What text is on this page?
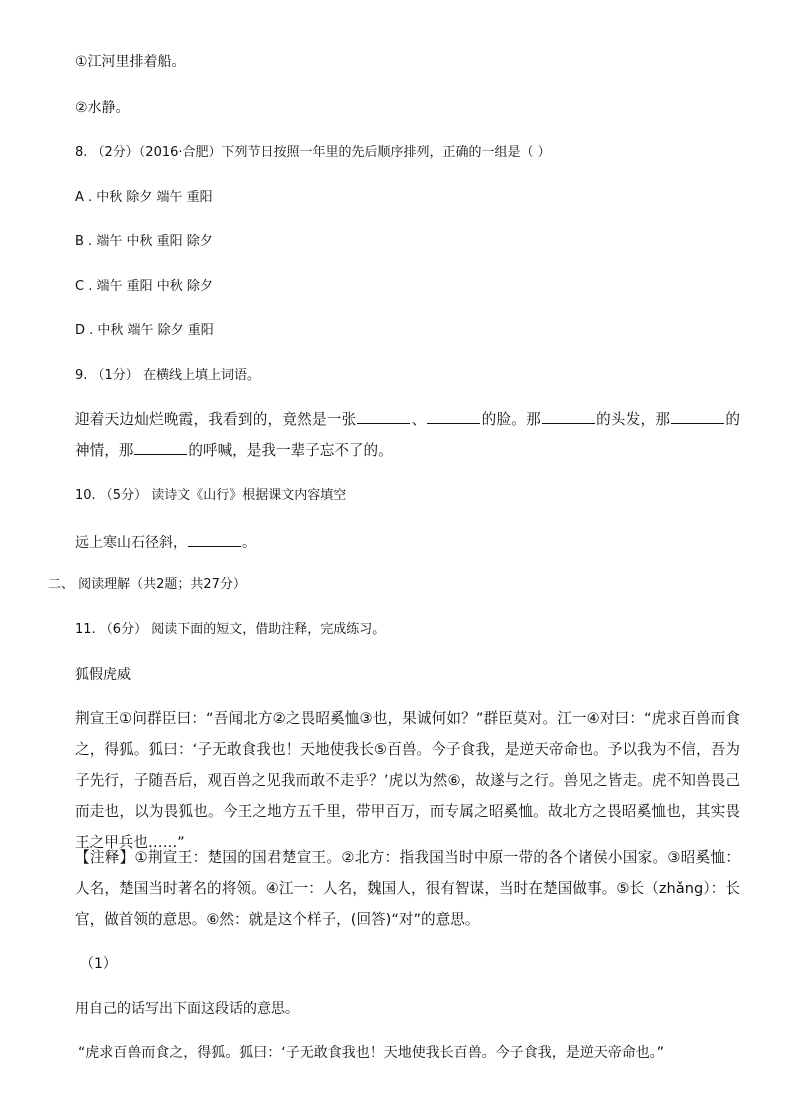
①江河里排着船。
②水静。
8. （2分）（2016·合肥）下列节日按照一年里的先后顺序排列，正确的一组是（ ）
A . 中秋 除夕 端午 重阳
B . 端午 中秋 重阳 除夕
C . 端午 重阳 中秋 除夕
D . 中秋 端午 除夕 重阳
9. （1分） 在横线上填上词语。
迎着天边灿烂晚霞，我看到的，竟然是一张	、	的脸。那	的头发，那	的神情，那	的呼喊，是我一辈子忘不了的。
10. （5分） 读诗文《山行》根据课文内容填空
远上寒山石径斜，	。
二、 阅读理解（共2题；共27分）
11. （6分） 阅读下面的短文，借助注释，完成练习。
狐假虎威
荆宣王①问群臣曰：“吾闻北方②之畏昭奚恤③也，果诚何如？”群臣莫对。江一④对曰：“虎求百兽而食之，得狐。狐曰：‘子无敢食我也！天地使我长⑤百兽。今子食我，是逆天帝命也。予以我为不信，吾为子先行，子随吾后，观百兽之见我而敢不走乎？’虎以为然⑥，故遂与之行。兽见之皆走。虎不知兽畏己而走也，以为畏狐也。今王之地方五千里，带甲百万，而专属之昭奚恤。故北方之畏昭奚恤也，其实畏王之甲兵也……”
【注释】①荆宣王：楚国的国君楚宣王。②北方：指我国当时中原一带的各个诸侯小国家。③昭奚恤：人名，楚国当时著名的将领。④江一：人名，魏国人，很有智谋，当时在楚国做事。⑤长（zhǎng）：长官，做首领的意思。⑥然：就是这个样子，(回答)“对”的意思。
（1）
用自己的话写出下面这段话的意思。
“虎求百兽而食之，得狐。狐曰：‘子无敢食我也！天地使我长百兽。今子食我，是逆天帝命也。”
